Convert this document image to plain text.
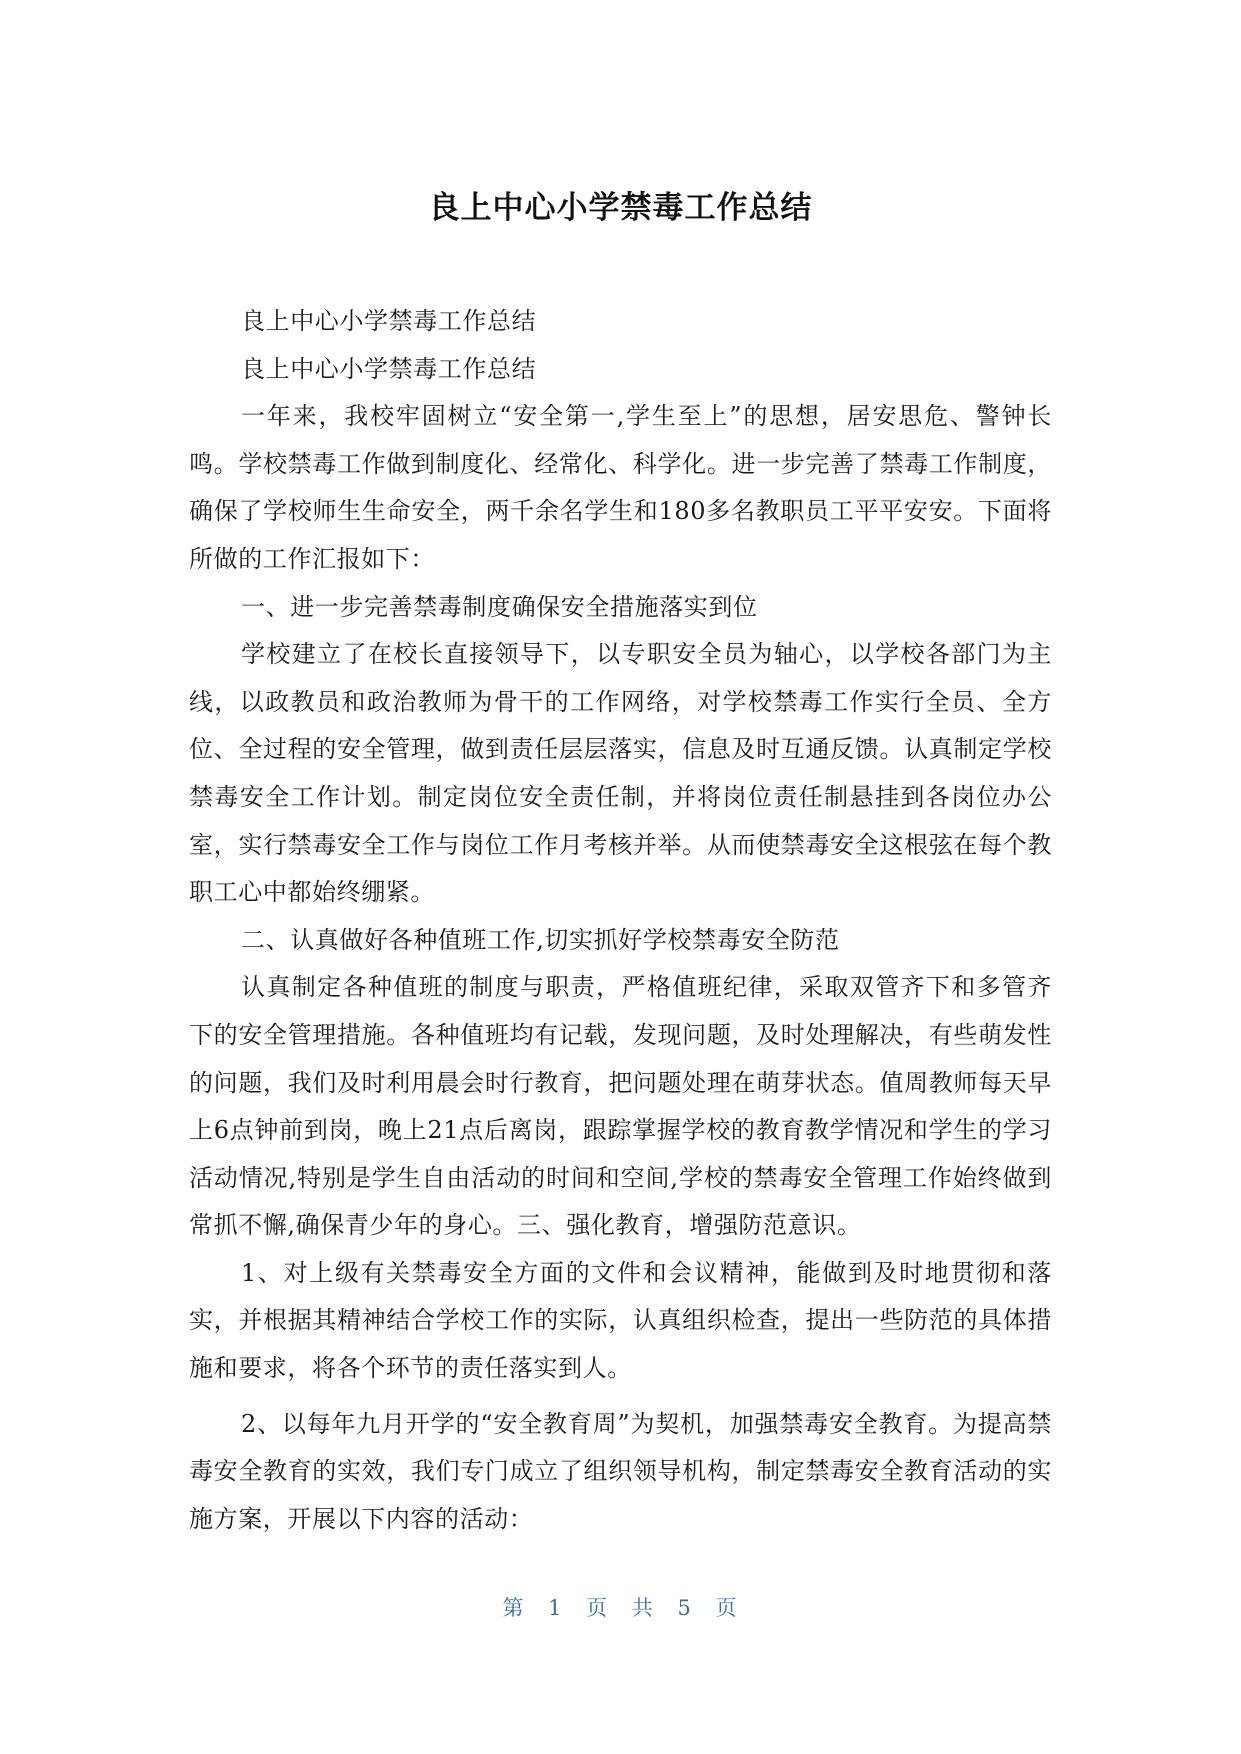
良上中心小学禁毒工作总结

良上中心小学禁毒工作总结

良上中心小学禁毒工作总结

一年来，我校牢固树立“安全第一,学生至上”的思想，居安思危、警钟长鸣。学校禁毒工作做到制度化、经常化、科学化。进一步完善了禁毒工作制度，确保了学校师生生命安全，两千余名学生和180多名教职员工平平安安。下面将所做的工作汇报如下：

一、进一步完善禁毒制度确保安全措施落实到位

学校建立了在校长直接领导下，以专职安全员为轴心，以学校各部门为主线，以政教员和政治教师为骨干的工作网络，对学校禁毒工作实行全员、全方位、全过程的安全管理，做到责任层层落实，信息及时互通反馈。认真制定学校禁毒安全工作计划。制定岗位安全责任制，并将岗位责任制悬挂到各岗位办公室，实行禁毒安全工作与岗位工作月考核并举。从而使禁毒安全这根弦在每个教职工心中都始终绷紧。

二、认真做好各种值班工作,切实抓好学校禁毒安全防范

认真制定各种值班的制度与职责，严格值班纪律，采取双管齐下和多管齐下的安全管理措施。各种值班均有记载，发现问题，及时处理解决，有些萌发性的问题，我们及时利用晨会时行教育，把问题处理在萌芽状态。值周教师每天早上6点钟前到岗，晚上21点后离岗，跟踪掌握学校的教育教学情况和学生的学习活动情况,特别是学生自由活动的时间和空间,学校的禁毒安全管理工作始终做到常抓不懈,确保青少年的身心。三、强化教育，增强防范意识。

1、对上级有关禁毒安全方面的文件和会议精神，能做到及时地贯彻和落实，并根据其精神结合学校工作的实际，认真组织检查，提出一些防范的具体措施和要求，将各个环节的责任落实到人。

2、以每年九月开学的“安全教育周”为契机，加强禁毒安全教育。为提高禁毒安全教育的实效，我们专门成立了组织领导机构，制定禁毒安全教育活动的实施方案，开展以下内容的活动：

第 1 页 共 5 页
